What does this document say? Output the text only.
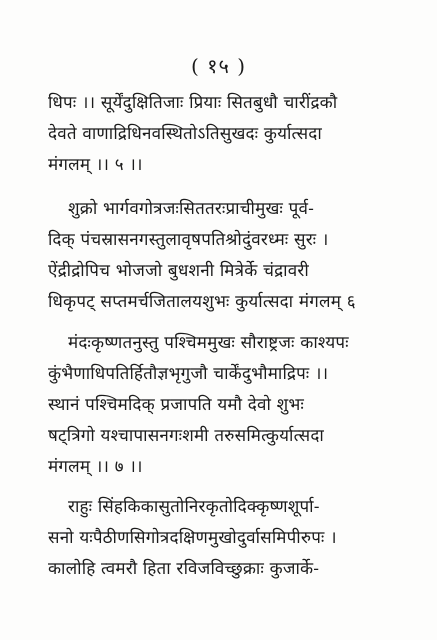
( १५ )
धिपः ।। सूर्येंदुक्षितिजाः प्रियाः सितबुधौ चारींद्रकौ
देवते वाणाद्रिधिनवस्थितोऽतिसुखदः कुर्यात्सदा
मंगलम् ।। ५ ।।
शुक्रो भार्गवगोत्रजःसिततरःप्राचीमुखः पूर्व-
दिक् पंचस्रासनगस्तुलावृषपतिश्रोदुंवरध्मः सुरः ।
ऐंद्रीद्रोपिच भोजजो बुधशनी मित्रेर्के चंद्रावरी
धिकृपट् सप्तमर्चजितालयशुभः कुर्यात्सदा मंगलम् ६
मंदःकृष्णतनुस्तु पश्चिममुखः सौराष्ट्रजः काश्यपः
कुंभैणाधिपतिर्हितौज्ञभृगुजौ चार्केंदुभौमाद्रिपः ।।
स्थानं पश्चिमदिक् प्रजापति यमौ देवो शुभः
षट्त्रिगो यश्चापासनगःशमी तरुसमित्कुर्यात्सदा
मंगलम् ।। ७ ।।
राहुः सिंहकिकासुतोनिरकृतोदिक्कृष्णशूर्पा-
सनो यःपैठीणसिगोत्रदक्षिणमुखोदुर्वासमिपीरुपः ।
कालोहि त्वमरौ हिता रविजविच्छुक्राः कुजार्के-
